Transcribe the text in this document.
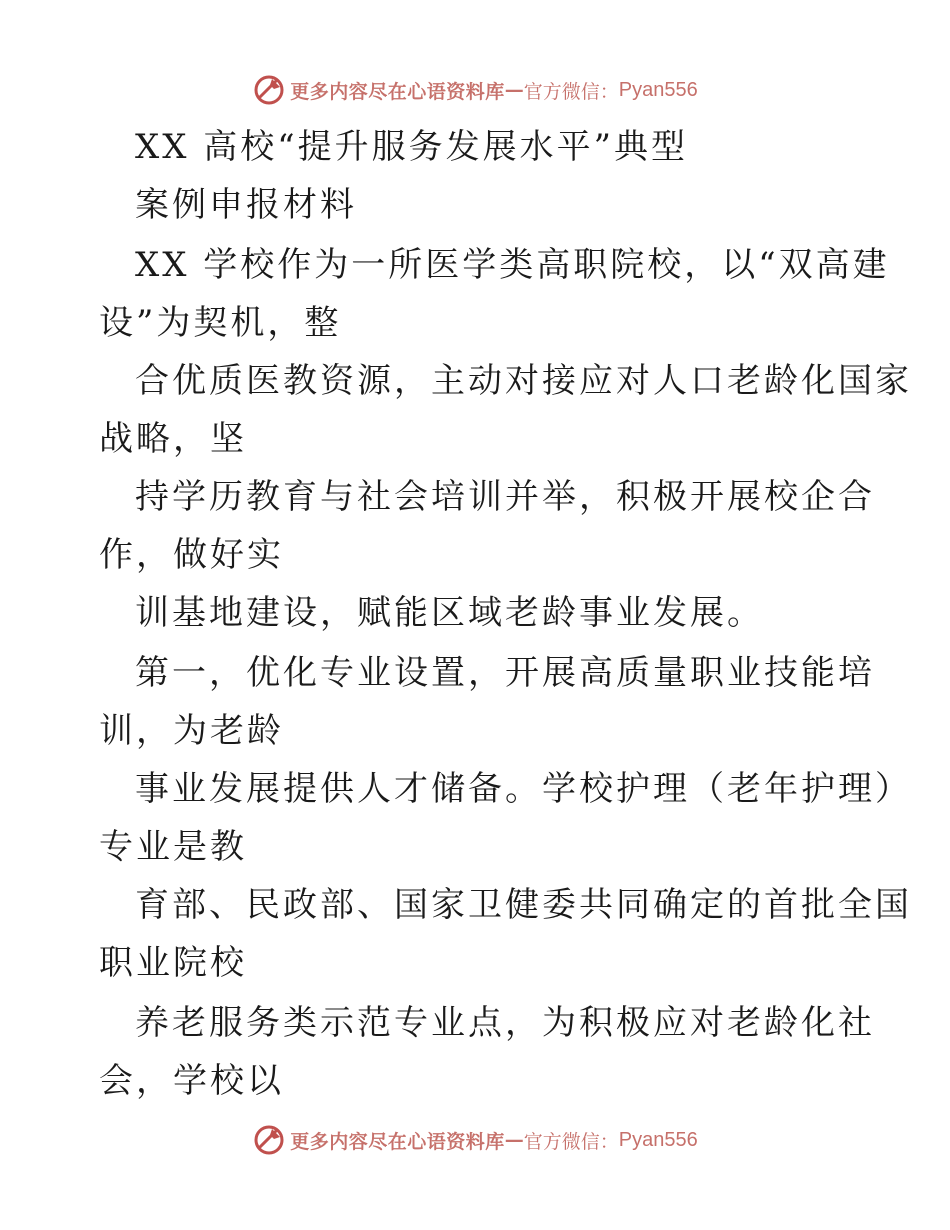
更多内容尽在心语资料库 — 官方微信： Pyan556
XX 高校“提升服务发展水平”典型
案例申报材料
XX 学校作为一所医学类高职院校，以“双高建
设”为契机，整
合优质医教资源，主动对接应对人口老龄化国家
战略，坚
持学历教育与社会培训并举，积极开展校企合
作，做好实
训基地建设，赋能区域老龄事业发展。
第一，优化专业设置，开展高质量职业技能培
训，为老龄
事业发展提供人才储备。学校护理（老年护理）
专业是教
育部、民政部、国家卫健委共同确定的首批全国
职业院校
养老服务类示范专业点，为积极应对老龄化社
会，学校以
更多内容尽在心语资料库 — 官方微信： Pyan556
